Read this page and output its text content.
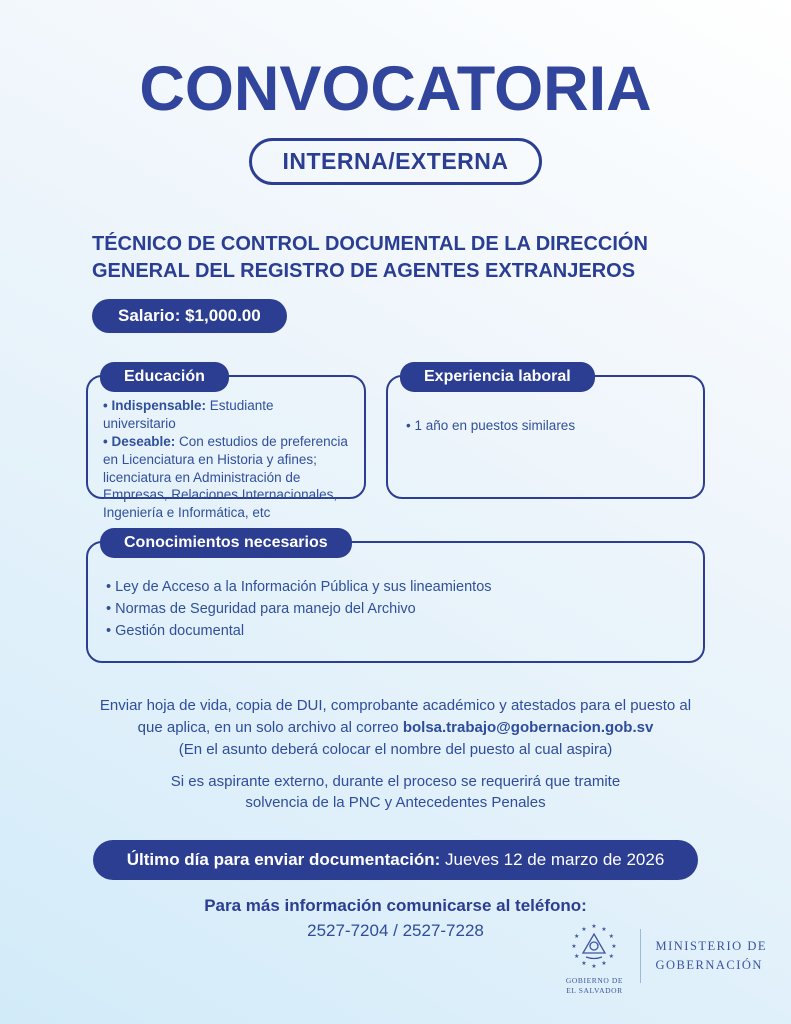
CONVOCATORIA
INTERNA/EXTERNA
TÉCNICO DE CONTROL DOCUMENTAL DE LA DIRECCIÓN GENERAL DEL REGISTRO DE AGENTES EXTRANJEROS
Salario: $1,000.00
Educación
• Indispensable: Estudiante universitario
• Deseable: Con estudios de preferencia en Licenciatura en Historia y afines; licenciatura en Administración de Empresas, Relaciones Internacionales, Ingeniería e Informática, etc
Experiencia laboral
• 1 año en puestos similares
Conocimientos necesarios
• Ley de Acceso a la Información Pública y sus lineamientos
• Normas de Seguridad para manejo del Archivo
• Gestión documental

Enviar hoja de vida, copia de DUI, comprobante académico y atestados para el puesto al que aplica, en un solo archivo al correo bolsa.trabajo@gobernacion.gob.sv
(En el asunto deberá colocar el nombre del puesto al cual aspira)

Si es aspirante externo, durante el proceso se requerirá que tramite solvencia de la PNC y Antecedentes Penales

Último día para enviar documentación: Jueves 12 de marzo de 2026
Para más información comunicarse al teléfono:
2527-7204 / 2527-7228
★
★
★
★
★
★
★
★
★ ★ ★
★
GOBIERNO DE
EL SALVADOR
MINISTERIO DE
GOBERNACIÓN
